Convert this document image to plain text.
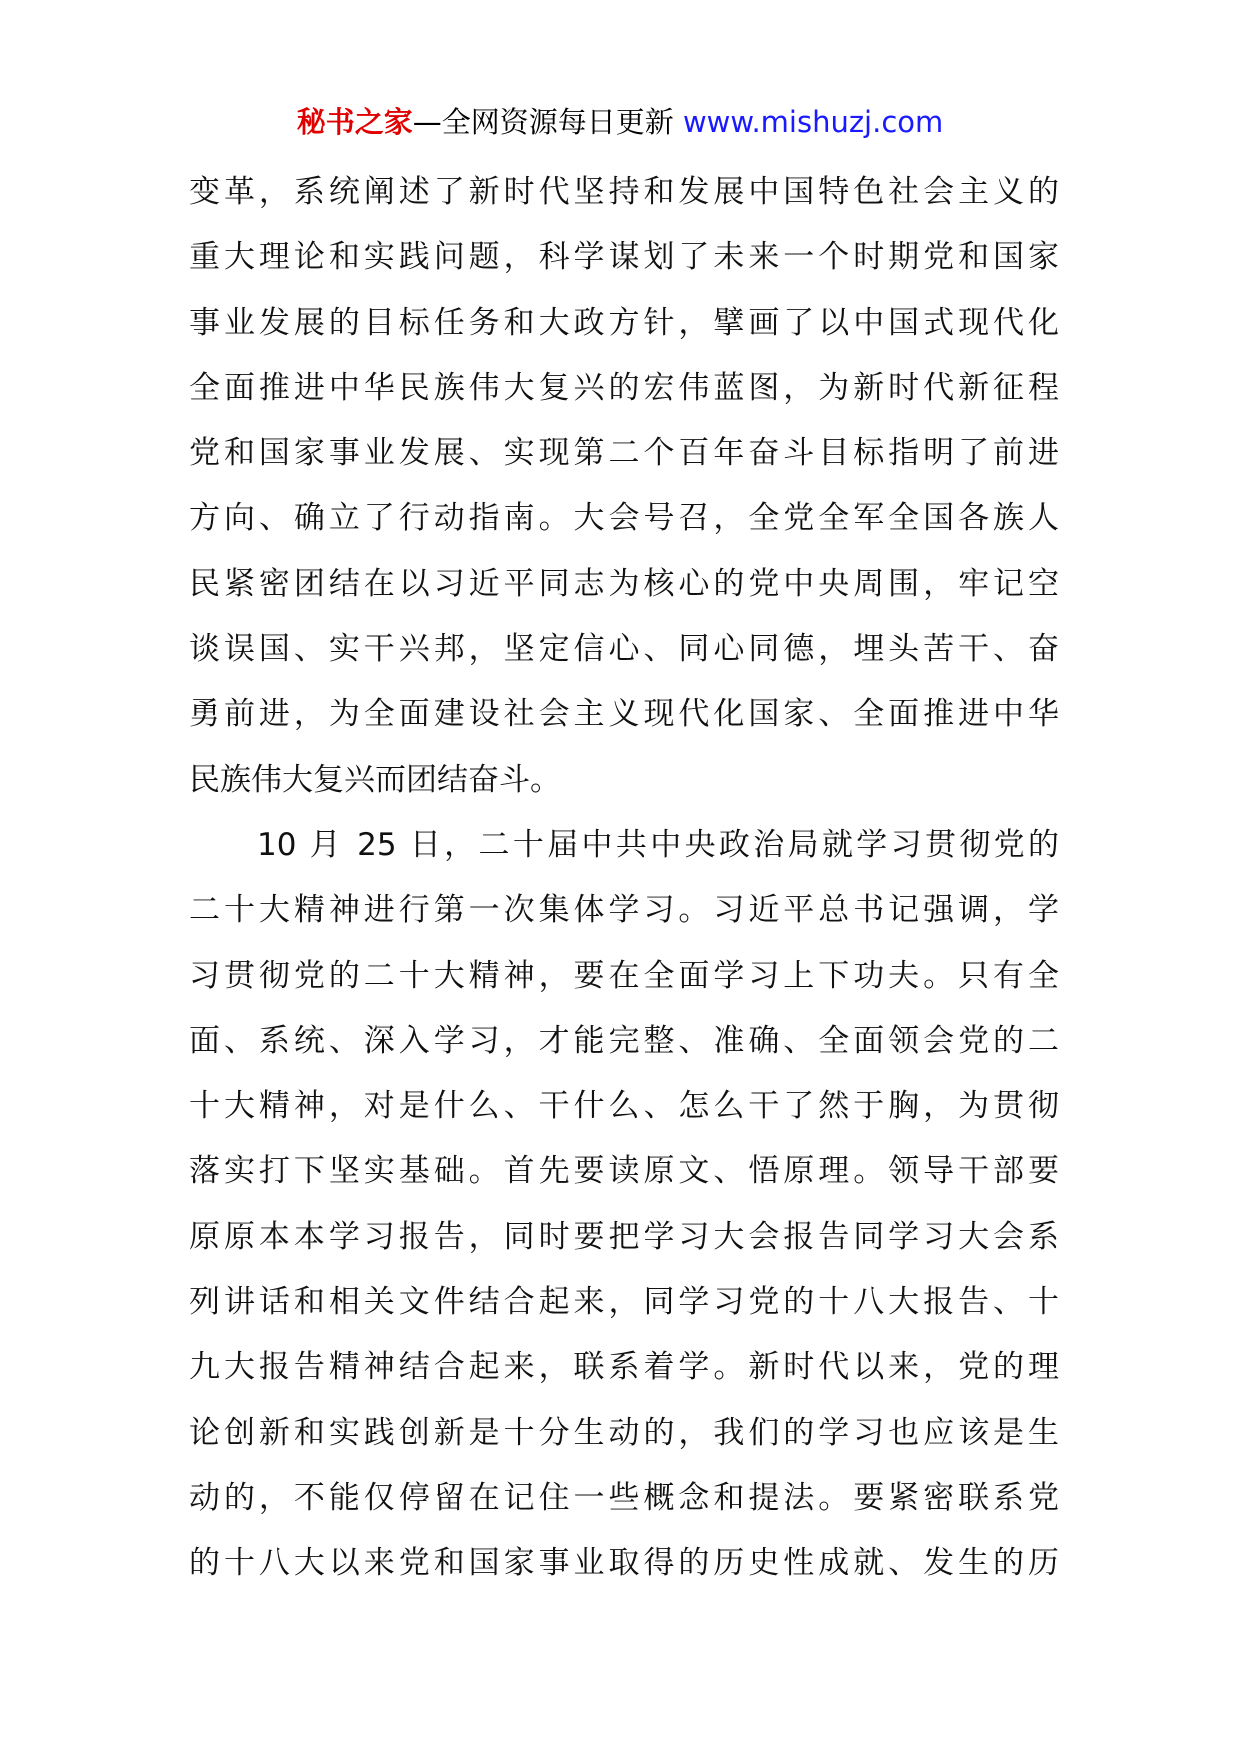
秘书之家—全网资源每日更新 www.mishuzj.com
变革，系统阐述了新时代坚持和发展中国特色社会主义的
重大理论和实践问题，科学谋划了未来一个时期党和国家
事业发展的目标任务和大政方针，擘画了以中国式现代化
全面推进中华民族伟大复兴的宏伟蓝图，为新时代新征程
党和国家事业发展、实现第二个百年奋斗目标指明了前进
方向、确立了行动指南。大会号召，全党全军全国各族人
民紧密团结在以习近平同志为核心的党中央周围，牢记空
谈误国、实干兴邦，坚定信心、同心同德，埋头苦干、奋
勇前进，为全面建设社会主义现代化国家、全面推进中华
民族伟大复兴而团结奋斗。
10 月 25 日，二十届中共中央政治局就学习贯彻党的
二十大精神进行第一次集体学习。习近平总书记强调，学
习贯彻党的二十大精神，要在全面学习上下功夫。只有全
面、系统、深入学习，才能完整、准确、全面领会党的二
十大精神，对是什么、干什么、怎么干了然于胸，为贯彻
落实打下坚实基础。首先要读原文、悟原理。领导干部要
原原本本学习报告，同时要把学习大会报告同学习大会系
列讲话和相关文件结合起来，同学习党的十八大报告、十
九大报告精神结合起来，联系着学。新时代以来，党的理
论创新和实践创新是十分生动的，我们的学习也应该是生
动的，不能仅停留在记住一些概念和提法。要紧密联系党
的十八大以来党和国家事业取得的历史性成就、发生的历
